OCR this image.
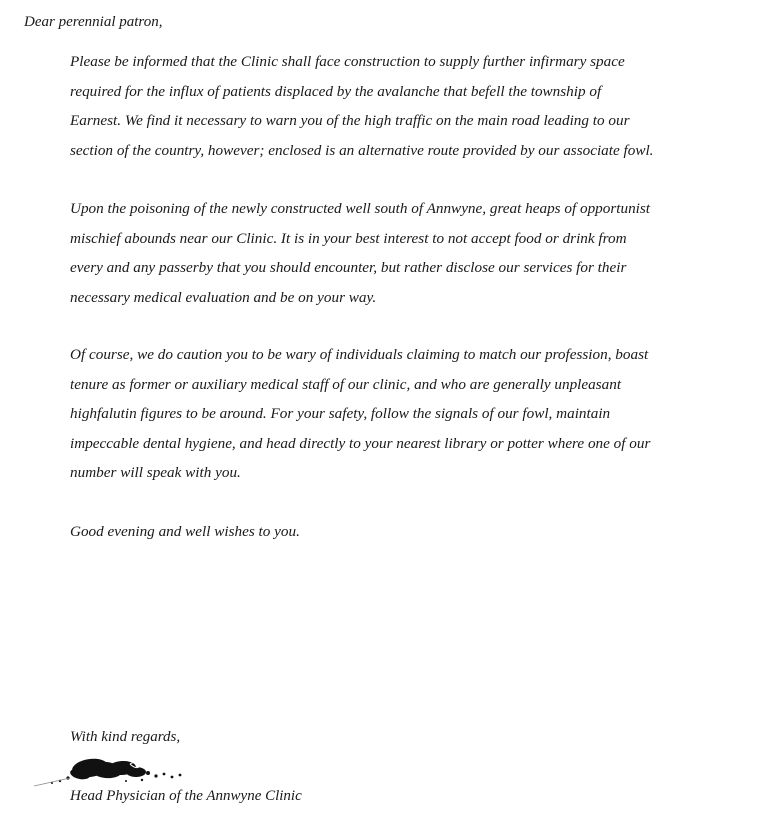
Dear perennial patron,
Please be informed that the Clinic shall face construction to supply further infirmary space
required for the influx of patients displaced by the avalanche that befell the township of
Earnest. We find it necessary to warn you of the high traffic on the main road leading to our
section of the country, however; enclosed is an alternative route provided by our associate fowl.
Upon the poisoning of the newly constructed well south of Annwyne, great heaps of opportunist
mischief abounds near our Clinic. It is in your best interest to not accept food or drink from
every and any passerby that you should encounter, but rather disclose our services for their
necessary medical evaluation and be on your way.
Of course, we do caution you to be wary of individuals claiming to match our profession, boast
tenure as former or auxiliary medical staff of our clinic, and who are generally unpleasant
highfalutin figures to be around. For your safety, follow the signals of our fowl, maintain
impeccable dental hygiene, and head directly to your nearest library or potter where one of our
number will speak with you.
Good evening and well wishes to you.
With kind regards,
Head Physician of the Annwyne Clinic
